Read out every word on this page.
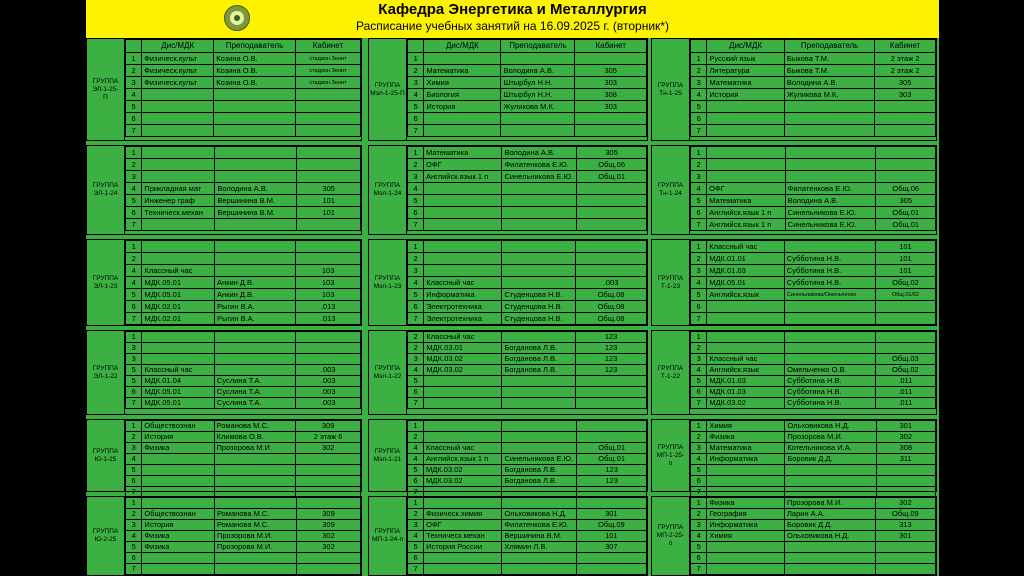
Кафедра Энергетика и Металлургия
Расписание учебных занятий на 16.09.2025 г. (вторник*)
ГРУППА
ЭЛ-1-25-
П
	Дис/МДК	Преподаватель	Кабинет
1	Физическ.культ	Козина О.В.	стадион Зенит
2	Физическ.культ	Козина О.В.	стадион Зенит
3	Физическ.культ	Козина О.В.	стадион Зенит
4			
5			
6			
7			
ГРУППА
ЭЛ-1-24
1			
2			
3			
4	Прикладная мат	Володина А.В.	305
5	Инженер граф	Вершинина В.М.	101
6	Техническ.механ	Вершинина В.М.	101
7			
ГРУППА
ЭЛ-1-23
1			
2			
4	Классный час		103
4	МДК.05.01	Анкин Д.В.	103
5	МДК.05.01	Анкин Д.В.	103
6	МДК.02.01	Рыгин В.А.	.013
7	МДК.02.01	Рыгин В.А.	.013
ГРУППА
ЭЛ-1-22
1			
3			
3			
5	Классный час		.003
5	МДК.01.04	Суслина Т.А.	.003
6	МДК.05.01	Суслина Т.А.	.003
7	МДК.05.01	Суслина Т.А.	.003
ГРУППА
Ю-1-25
1	Обществознан	Романова М.С.	309
2	История	Климова О.В.	2 этаж 6
3	Физика	Прозорова М.И.	302
4			
5			
6			
7			
ГРУППА
Ю-2-25
1			
2	Обществознан	Романова М.С.	309
3	История	Романова М.С.	309
4	Физика	Прозорова М.И.	302
5	Физика	Прозорова М.И.	302
6			
7			
ГРУППА
Мэл-1-25-П
	Дис/МДК	Преподаватель	Кабинет
1			
2	Математика	Володина А.В.	305
3	Химия	Штырбул Н.Н.	303
4	Биология	Штырбул Н.Н.	308
5	История	Жуликова М.К.	303
6			
7			
ГРУППА
Мэл-1-24
1	Математика	Володина А.В.	305
2	ОФГ	Филатенкова Е.Ю.	Общ.06
3	Английск.язык 1 п	Синельникова Е.Ю.	Общ.01
4			
5			
6			
7			
ГРУППА
Мэл-1-23
1			
2			
3			
4	Классный час		.003
5	Информатика	Студенцова Н.В.	Общ.08
6	Электротехника	Студенцова Н.В.	Общ.08
7	Электротехника	Студенцова Н.В.	Общ.08
ГРУППА
Мэл-1-22
2	Классный час		123
2	МДК.03.01	Богданова Л.В.	123
3	МДК.03.02	Богданова Л.В.	123
4	МДК.03.02	Богданова Л.В.	123
5			
6			
7			
ГРУППА
Мэл-1-21
1			
2			
4	Классный час		Общ.01
4	Английск.язык 1 п	Синельникова Е.Ю.	Общ.01
5	МДК.03.02	Богданова Л.В.	123
6	МДК.03.02	Богданова Л.В.	123
7			
ГРУППА
МП-1-24-п
1			
2	Физическ.химия	Ольховикова Н.Д.	301
3	ОФГ	Филатенкова Е.Ю.	Общ.09
4	Техническ.механ	Вершинина В.М.	101
5	История России	Хлямин Л.В.	307
6			
7			
ГРУППА
Тн-1-25
	Дис/МДК	Преподаватель	Кабинет
1	Русский язык	Быкова Т.М.	2 этаж 2
2	Литература	Быкова Т.М.	2 этаж 2
3	Математика	Володина А.В.	305
4	История	Жуликова М.К.	303
5			
6			
7			
ГРУППА
Тн-1-24
1			
2			
3			
4	ОФГ	Филатенкова Е.Ю.	Общ.06
5	Математика	Володина А.В.	305
6	Английск.язык 1 п	Синельникова Е.Ю.	Общ.01
7	Английск.язык 1 п	Синельникова Е.Ю.	Общ.01
ГРУППА
Т-1-23
1	Классный час		101
2	МДК.01.01	Субботина Н.В.	101
3	МДК.01.03	Субботина Н.В.	101
4	МДК.05.01	Субботина Н.В.	Общ.02
5	Английск.язык	Синельникова/Омельченко	Общ.01/02
6			
7			
ГРУППА
Т-1-22
1			
2			
3	Классный час		Общ.03
4	Английск.язык	Омельченко О.В.	Общ.02
5	МДК.01.03	Субботина Н.В.	.011
6	МДК.01.03	Субботина Н.В.	.011
7	МДК.03.02	Субботина Н.В.	.011
ГРУППА
МП-1-25-
п
1	Химия	Ольховикова Н.Д.	301
2	Физика	Прозорова М.И.	302
3	Математика	Котельникова И.А.	308
4	Информатика	Боровик Д.Д.	311
5			
6			
7			
ГРУППА
МП-2-25-
п
1	Физика	Прозорова М.И.	302
2	География	Ларин А.А.	Общ.09
3	Информатика	Боровик Д.Д.	313
4	Химия	Ольховикова Н.Д.	301
5			
6			
7			
